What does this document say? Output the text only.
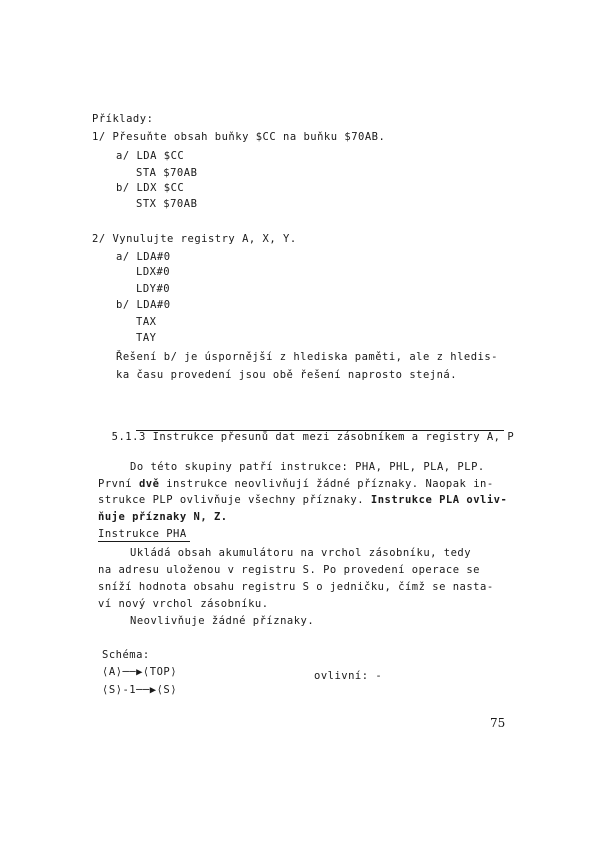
Příklady:
1/ Přesuňte obsah buňky $CC na buňku $70AB.
a/ LDA $CC
STA $70AB
b/ LDX $CC
STX $70AB
2/ Vynulujte registry A, X, Y.
a/ LDA#0
LDX#0
LDY#0
b/ LDA#0
TAX
TAY
Řešení b/ je úspornější z hlediska paměti, ale z hledis-
ka času provedení jsou obě řešení naprosto stejná.

5.1.3 Instrukce přesunů dat mezi zásobníkem a registry A, P

Do této skupiny patří instrukce: PHA, PHL, PLA, PLP.
První dvě instrukce neovlivňují žádné příznaky. Naopak in-
strukce PLP ovlivňuje všechny příznaky. Instrukce PLA ovliv-
ňuje příznaky N, Z.
Instrukce PHA
Ukládá obsah akumulátoru na vrchol zásobníku, tedy
na adresu uloženou v registru S. Po provedení operace se
sníží hodnota obsahu registru S o jedničku, čímž se nasta-
ví nový vrchol zásobníku.
Neovlivňuje žádné příznaky.
Schéma:
⟨A⟩──▶⟨TOP⟩
⟨S⟩-1──▶⟨S⟩
ovlivní: -
75
